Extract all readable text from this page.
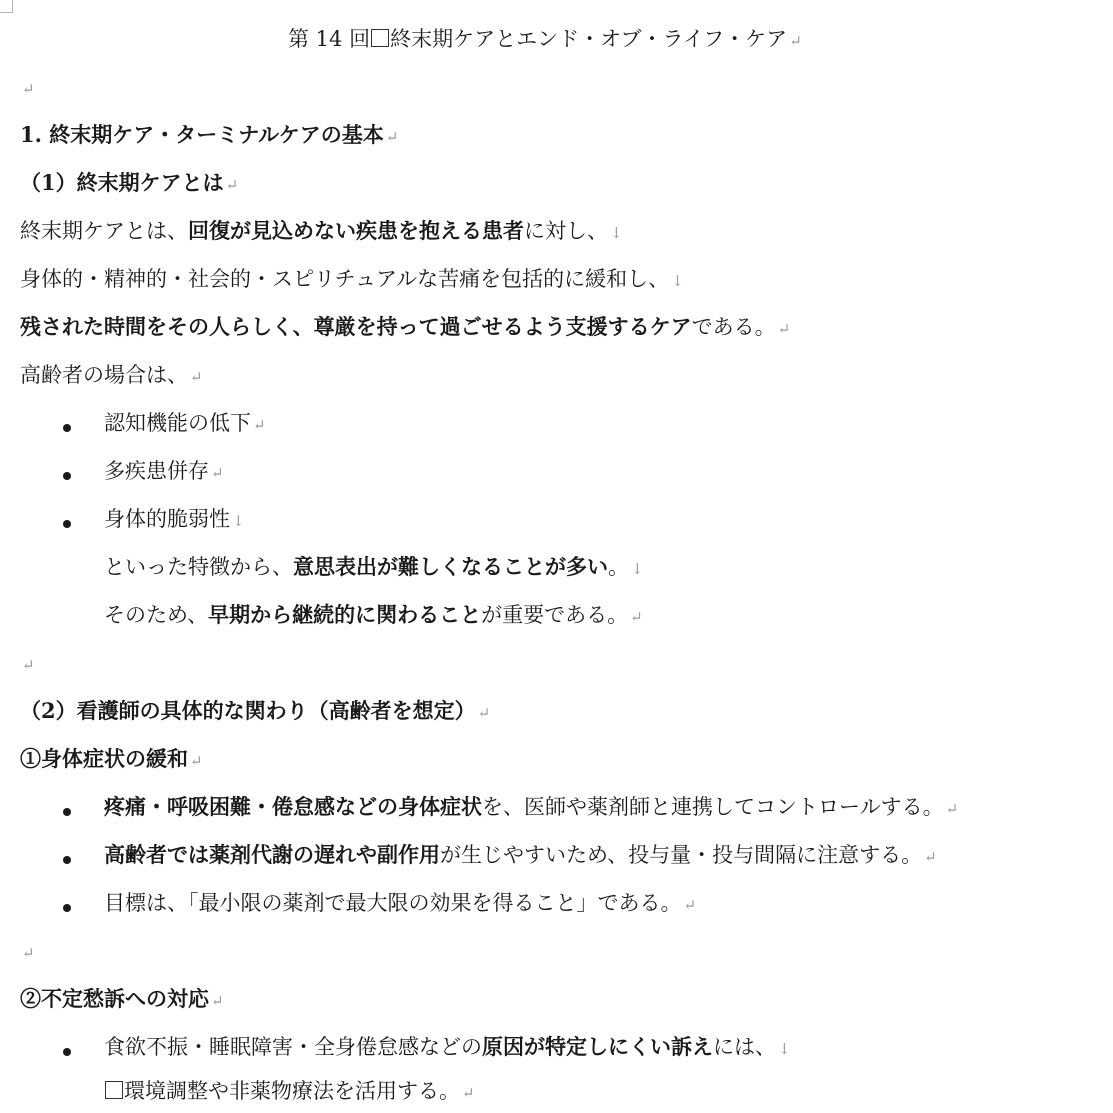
第 14 回 終末期ケアとエンド・オブ・ライフ・ケア ↵
↵
1. 終末期ケア・ターミナルケアの基本 ↵
（1）終末期ケアとは ↵
終末期ケアとは、回復が見込めない疾患を抱える患者に対し、 ↓
身体的・精神的・社会的・スピリチュアルな苦痛を包括的に緩和し、 ↓
残された時間をその人らしく、尊厳を持って過ごせるよう支援するケアである。 ↵
高齢者の場合は、 ↵
認知機能の低下 ↵
多疾患併存 ↵
身体的脆弱性 ↓
といった特徴から、意思表出が難しくなることが多い。 ↓
そのため、早期から継続的に関わることが重要である。 ↵
↵
（2）看護師の具体的な関わり（高齢者を想定） ↵
①身体症状の緩和 ↵
疼痛・呼吸困難・倦怠感などの身体症状を、医師や薬剤師と連携してコントロールする。 ↵
高齢者では薬剤代謝の遅れや副作用が生じやすいため、投与量・投与間隔に注意する。 ↵
目標は、「最小限の薬剤で最大限の効果を得ること」である。 ↵
↵
②不定愁訴への対応 ↵
食欲不振・睡眠障害・全身倦怠感などの原因が特定しにくい訴えには、 ↓
環境調整や非薬物療法を活用する。 ↵
